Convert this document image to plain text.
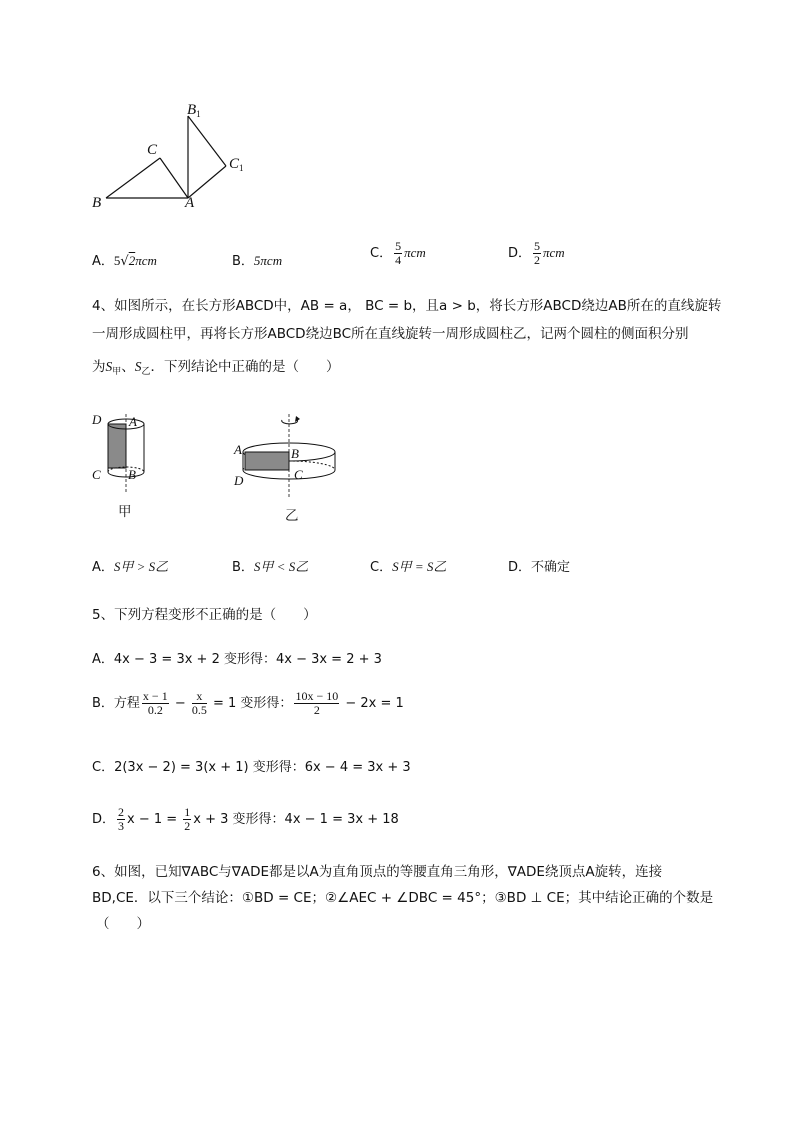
$B_1$
C
$C_1$
B	A
A．5√2πcm	B．5πcm	C． $\frac{5}{4}$ πcm	D． $\frac{5}{2}$ πcm
4、如图所示，在长方形ABCD中，AB = a， BC = b，且a > b，将长方形ABCD绕边AB所在的直线旋转
一周形成圆柱甲，再将长方形ABCD绕边BC所在直线旋转一周形成圆柱乙，记两个圆柱的侧面积分别
为$S_甲$、$S_乙$．下列结论中正确的是（　　）
D A
C B
甲
A	B
D	C
乙
A．S甲 > S乙	B．S甲 < S乙	C．S甲 = S乙	D．不确定
5、下列方程变形不正确的是（　　）
A．4x − 3 = 3x + 2 变形得：4x − 3x = 2 + 3
B．方程 $\frac{x - 1}{0.2} - \frac{x}{0.5} = 1$ 变形得： $\frac{10x - 10}{2} - 2x = 1$
C．2(3x − 2) = 3(x + 1) 变形得：6x − 4 = 3x + 3
D． $\frac{2}{3}$ $x - 1 = \frac{1}{2}$ x + 3 变形得：4x − 1 = 3x + 18
6、如图，已知∇ABC与∇ADE都是以A为直角顶点的等腰直角三角形，∇ADE绕顶点A旋转，连接
BD,CE．以下三个结论：①BD = CE；②∠AEC + ∠DBC = 45°；③BD ⊥ CE；其中结论正确的个数是
（　　）
